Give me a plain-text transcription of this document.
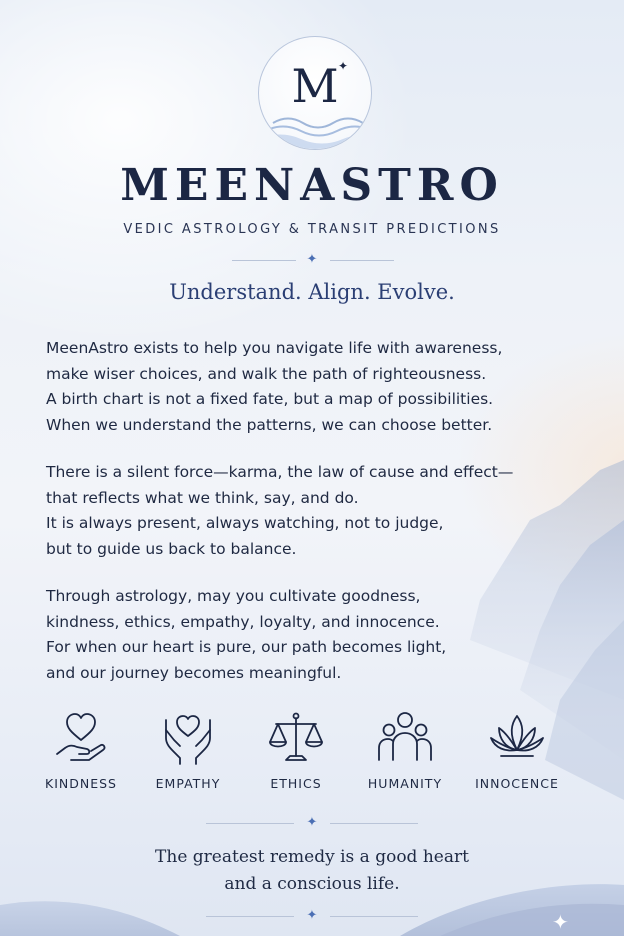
M ✦
MEENASTRO
VEDIC ASTROLOGY & TRANSIT PREDICTIONS
✦
Understand. Align. Evolve.
MeenAstro exists to help you navigate life with awareness,
make wiser choices, and walk the path of righteousness.
A birth chart is not a fixed fate, but a map of possibilities.
When we understand the patterns, we can choose better.
There is a silent force—karma, the law of cause and effect—
that reflects what we think, say, and do.
It is always present, always watching, not to judge,
but to guide us back to balance.
Through astrology, may you cultivate goodness,
kindness, ethics, empathy, loyalty, and innocence.
For when our heart is pure, our path becomes light,
and our journey becomes meaningful.
KINDNESS	EMPATHY	ETHICS	HUMANITY	INNOCENCE
✦
The greatest remedy is a good heart
and a conscious life.
✦	✦
